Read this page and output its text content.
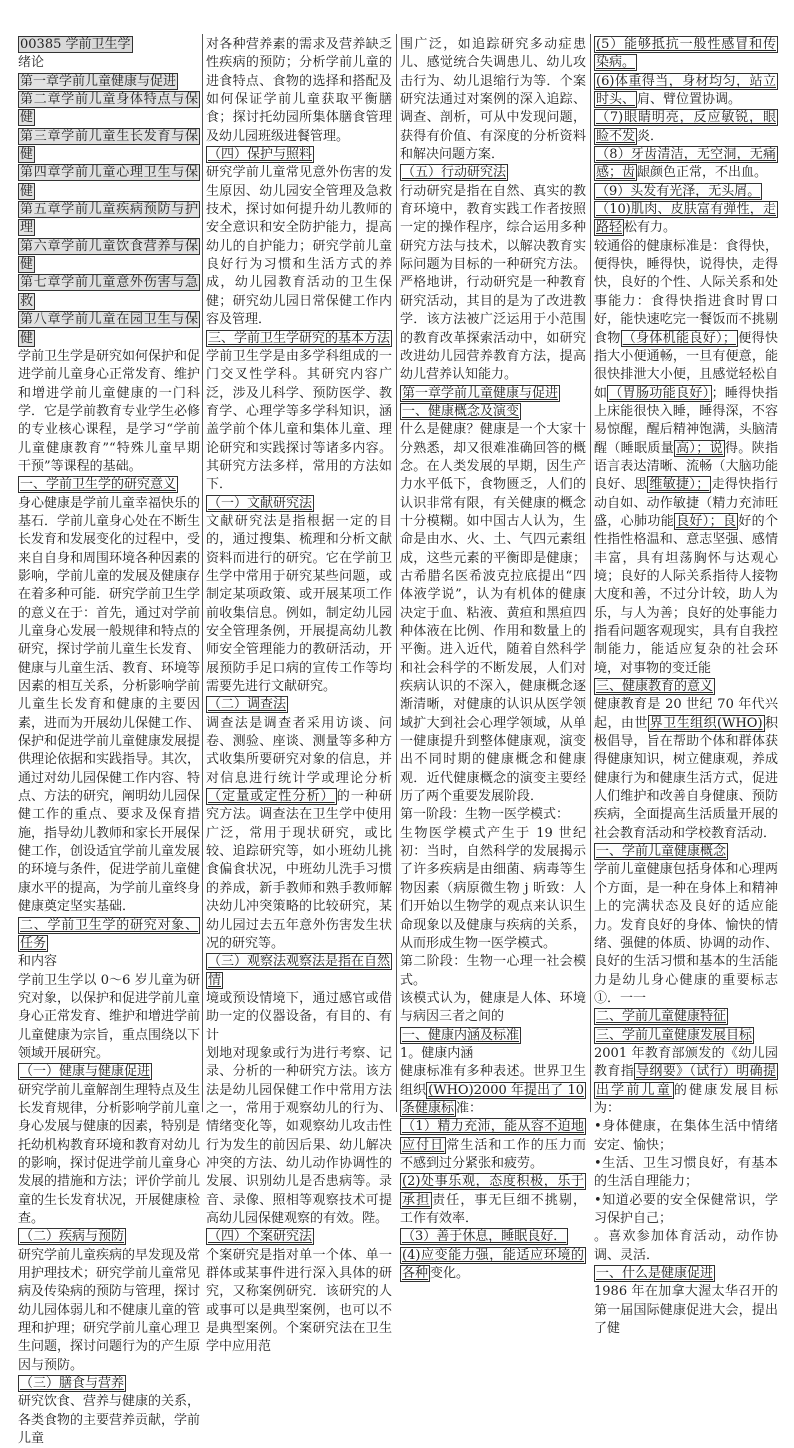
00385 学前卫生学
绪论
第一章学前儿童健康与促进
第二章学前儿童身体特点与保健
第三章学前儿童生长发育与保健
第四章学前儿童心理卫生与保健
第五章学前儿童疾病预防与护理
第六章学前儿童饮食营养与保健
第七章学前儿童意外伤害与急救
第八章学前儿童在园卫生与保健
学前卫生学是研究如何保护和促进学前儿童身心正常发育、维护和增进学前儿童健康的一门科学．它是学前教育专业学生必修的专业核心课程，是学习“学前儿童健康教育”“特殊儿童早期干预”等课程的基础。
一、学前卫生学的研究意义
身心健康是学前儿童幸福快乐的基石．学前儿童身心处在不断生长发育和发展变化的过程中，受来自自身和周围环境各种因素的影响，学前儿童的发展及健康存在着多种可能．研究学前卫生学的意义在于：首先，通过对学前儿童身心发展一般规律和特点的研究，探讨学前儿童生长发育、健康与儿童生活、教育、环境等因素的相互关系，分析影响学前儿童生长发育和健康的主要因素，进而为开展幼儿保健工作、保护和促进学前儿童健康发展提供理论依据和实践指导。其次，通过对幼儿园保健工作内容、特点、方法的研究，阐明幼儿园保健工作的重点、要求及保育措施，指导幼儿教师和家长开展保健工作，创设适宜学前儿童发展的环境与条件，促进学前儿童健康水平的提高，为学前儿童终身健康奠定坚实基础．
二、学前卫生学的研究对象、任务
和内容
学前卫生学以 0～6 岁儿童为研究对象，以保护和促进学前儿童身心正常发育、维护和增进学前儿童健康为宗旨，重点围绕以下领域开展研究。
（一）健康与健康促进
研究学前儿童解剖生理特点及生长发育规律，分析影响学前儿童身心发展与健康的因素，特别是托幼机构教育环境和教育对幼儿的影响，探讨促进学前儿童身心发展的措施和方法；评价学前儿童的生长发育状况，开展健康检查。
（二）疾病与预防
研究学前儿童疾病的早发现及常用护理技术；研究学前儿童常见病及传染病的预防与管理，探讨幼儿园体弱儿和不健康儿童的管理和护理；研究学前儿童心理卫生问题，探讨问题行为的产生原因与预防。
（三）膳食与营养
研究饮食、营养与健康的关系，各类食物的主要营养贡献，学前儿童
对各种营养素的需求及营养缺乏性疾病的预防；分析学前儿童的进食特点、食物的选择和搭配及如何保证学前儿童获取平衡膳食；探讨托幼园所集体膳食管理及幼儿园班级进餐管理。
（四）保护与照料
研究学前儿童常见意外伤害的发生原因、幼儿园安全管理及急救技术，探讨如何提升幼儿教师的安全意识和安全防护能力，提高幼儿的自护能力；研究学前儿童良好行为习惯和生活方式的养成，幼儿园教育活动的卫生保健；研究幼儿园日常保健工作内容及管理．
三、学前卫生学研究的基本方法
学前卫生学是由多学科组成的一门交叉性学科。其研究内容广泛，涉及儿科学、预防医学、教育学、心理学等多学科知识，涵盖学前个体儿童和集体儿童、理论研究和实践探讨等诸多内容。其研究方法多样，常用的方法如下．
（一）文献研究法
文献研究法是指根据一定的目的，通过搜集、梳理和分析文献资料而进行的研究。它在学前卫生学中常用于研究某些问题，或制定某项政策、或开展某项工作前收集信息。例如，制定幼儿园安全管理条例，开展提高幼儿教师安全管理能力的教研活动，开展预防手足口病的宣传工作等均需要先进行文献研究。
（二）调查法
调查法是调查者采用访谈、问卷、测验、座谈、测量等多种方式收集所要研究对象的信息，并对信息进行统计学或理论分析（定量或定性分析） 的一种研究方法。调查法在卫生学中使用广泛，常用于现状研究，或比较、追踪研究等，如小班幼儿挑食偏食状况，中班幼儿洗手习惯的养成，新手教师和熟手教师解决幼儿冲突策略的比较研究，某幼儿园过去五年意外伤害发生状况的研究等。
（三）观察法观察法是指在自然情
境或预设情境下，通过感官或借助一定的仪器设备，有目的、有计
划地对现象或行为进行考察、记录、分析的一种研究方法。该方法是幼儿园保健工作中常用方法之一，常用于观察幼儿的行为、情绪变化等，如观察幼儿攻击性行为发生的前因后果、幼儿解决冲突的方法、幼儿动作协调性的发展、识别幼儿是否患病等。录音、录像、照相等观察技术可提高幼儿园保健观察的有效。陛。
（四）个案研究法
个案研究是指对单一个体、单一群体或某事件进行深入具体的研究，又称案例研究．该研究的人或事可以是典型案例，也可以不是典型案例。个案研究法在卫生学中应用范
围广泛，如追踪研究多动症患儿、感觉统合失调患儿、幼儿攻击行为、幼儿退缩行为等．个案研究法通过对案例的深入追踪、调查、剖析，可从中发现问题，获得有价值、有深度的分析资料和解决问题方案．
（五）行动研究法
行动研究是指在自然、真实的教育环境中，教育实践工作者按照一定的操作程序，综合运用多种研究方法与技术，以解决教育实际问题为目标的一种研究方法。严格地讲，行动研究是一种教育研究活动，其目的是为了改进教学．该方法被广泛运用于小范围的教育改革探索活动中，如研究改进幼儿园营养教育方法，提高幼儿营养认知能力。
第一章学前儿童健康与促进
一、健康概念及演变
什么是健康？健康是一个大家十分熟悉，却又很难准确回答的概念。在人类发展的早期，因生产力水平低下，食物匮乏，人们的认识非常有限，有关健康的概念十分模糊。如中国古人认为，生命是由水、火、土、气四元素组成，这些元素的平衡即是健康；古希腊名医希波克拉底提出“四体液学说”，认为有机体的健康决定于血、粘液、黄疸和黑疸四种体液在比例、作用和数量上的平衡。进入近代，随着自然科学和社会科学的不断发展，人们对疾病认识的不深入，健康概念逐渐清晰，对健康的认识从医学领域扩大到社会心理学领域，从单一健康提升到整体健康观，演变出不同时期的健康概念和健康观．近代健康概念的演变主要经历了两个重要发展阶段．
第一阶段：生物一医学模式：
生物医学模式产生于 19 世纪初：当时，自然科学的发展揭示了许多疾病是由细菌、病毒等生物因素（病原微生物 j 昕致：人们开始以生物学的观点来认识生命现象以及健康与疾病的关系，从而形成生物一医学模式。
第二阶段：生物一心理一社会模式。
该模式认为，健康是人体、环境与病因三者之间的
一、健康内涵及标准
1。健康内涵
健康标准有多种表述。世界卫生组织 (WHO)2000 年提出了 10 条健康标 准：
（1）精力充沛，能从容不迫地应付日 常生活和工作的压力而不感到过分紧张和疲劳。
(2)处事乐观，态度积极，乐于承担 责任，事无巨细不挑剔，工作有效率．
（3）善于休息，睡眠良好．
(4)应变能力强，能适应环境的各种 变化。
(5）能够抵抗一般性感冒和传染病。
(6)体重得当，身材均匀，站立时头、 肩、臂位置协调。
（7)眼睛明亮，反应敏锐，眼睑不发 炎．
（8）牙齿清洁，无空洞，无痛感；齿 龈颜色正常，不出血。
（9）头发有光泽，无头屑。
（10)肌肉、皮肤富有弹性，走路轻 松有力。
较通俗的健康标准是：食得快，便得快，睡得快，说得快，走得快，良好的个性、人际关系和处事能力：食得快指进食时胃口好，能快速吃完一餐饭而不挑剔食物 （身体机能良好）； 便得快指大小便通畅，一旦有便意，能很快排泄大小便，且感觉轻松自如 （胃肠功能良好） ；睡得快指上床能很快入睡，睡得深，不容易惊醒，醒后精神饱满，头脑清醒（睡眠质量 高）；说 得。陕指语言表达清晰、流畅（大脑功能良好、思 维敏捷）； 走得快指行动自如、动作敏捷（精力充沛旺盛，心肺功能 良好）；良 好的个性指性格温和、意志坚强、感情丰富，具有坦荡胸怀与达观心境；良好的人际关系指待人接物大度和善，不过分计较，助人为乐，与人为善；良好的处事能力指看问题客观现实，具有自我控制能力，能适应复杂的社会环境，对事物的变迁能
三、健康教育的意义
健康教育是 20 世纪 70 年代兴起，由世 界卫生组织(WHO) 积极倡导，旨在帮助个体和群体获得健康知识，树立健康观，养成健康行为和健康生活方式，促进人们维护和改善自身健康、预防疾病，全面提高生活质量开展的社会教育活动和学校教育活动．
一、学前儿童健康概念
学前儿童健康包括身体和心理两个方面，是一种在身体上和精神上的完满状态及良好的适应能力。发育良好的身体、愉快的情绪、强健的体质、协调的动作、良好的生活习惯和基本的生活能力是幼儿身心健康的重要标志①．一一
二、学前儿童健康特征
三、学前儿童健康发展目标
2001 年教育部颁发的《幼儿园教育指 导纲要》（试行）明确提出学前儿童 的健康发展目标为：
•身体健康，在集体生活中情绪安定、愉快；
•生活、卫生习惯良好，有基本的生活自理能力；
•知道必要的安全保健常识，学习保护自己；
。喜欢参加体育活动，动作协调、灵活．
一、什么是健康促进
1986 年在加拿大渥太华召开的第一届国际健康促进大会，提出了健
